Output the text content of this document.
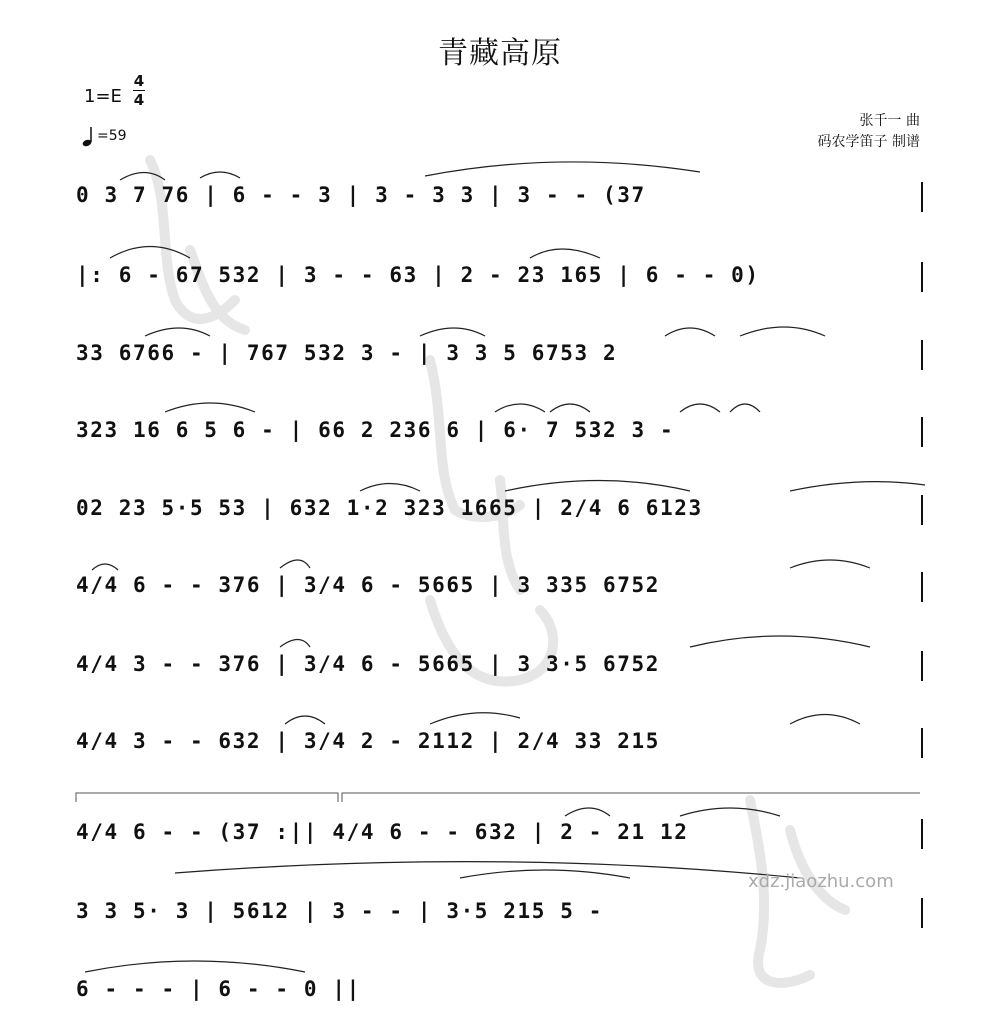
青藏高原
1=E
4
4
=59
张千一 曲
码农学笛子 制谱
0 3 7 76 | 6 - - 3 | 3 - 3 3 | 3 - - (37
|: 6 - 67 532 | 3 - - 63 | 2 - 23 165 | 6 - - 0)
33 6766 - | 767 532 3 - | 3 3 5 6753 2
323 16 6 5 6 - | 66 2 236 6 | 6· 7 532 3 -
02 23 5·5 53 | 632 1·2 323 1665 | 2/4 6 6123
4/4 6 - - 376 | 3/4 6 - 5665 | 3 335 6752
4/4 3 - - 376 | 3/4 6 - 5665 | 3 3·5 6752
4/4 3 - - 632 | 3/4 2 - 2112 | 2/4 33 215
4/4 6 - - (37 :|| 4/4 6 - - 632 | 2 - 21 12
3 3 5· 3 | 5612 | 3 - - | 3·5 215 5 -
6 - - - | 6 - - 0 ||
xdz.jiaozhu.com
